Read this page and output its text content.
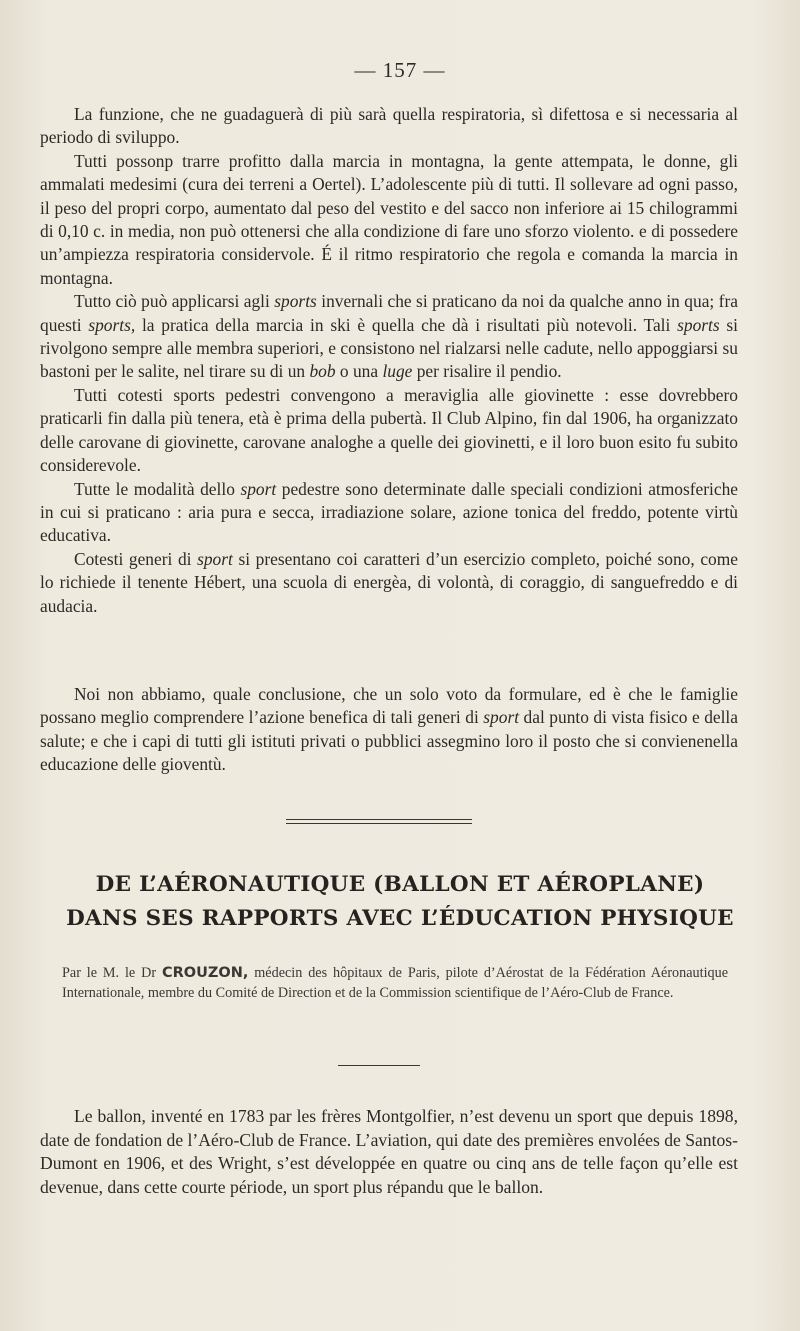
— 157 —

La funzione, che ne guadaguerà di più sarà quella respiratoria, sì difettosa e si necessaria al periodo di sviluppo.

Tutti possonp trarre profitto dalla marcia in montagna, la gente attempata, le donne, gli ammalati medesimi (cura dei terreni a Oertel). L’adolescente più di tutti. Il sollevare ad ogni passo, il peso del propri corpo, aumentato dal peso del vestito e del sacco non inferiore ai 15 chilogrammi di 0,10 c. in media, non può ottenersi che alla condizione di fare uno sforzo violento. e di possedere un’ampiezza respiratoria considervole. É il ritmo respiratorio che regola e comanda la marcia in montagna.

Tutto ciò può applicarsi agli sports invernali che si praticano da noi da qualche anno in qua; fra questi sports, la pratica della marcia in ski è quella che dà i risultati più notevoli. Tali sports si rivolgono sempre alle membra superiori, e consistono nel rialzarsi nelle cadute, nello appoggiarsi su bastoni per le salite, nel tirare su di un bob o una luge per risalire il pendio.

Tutti cotesti sports pedestri convengono a meraviglia alle giovinette : esse dovrebbero praticarli fin dalla più tenera, età è prima della pubertà. Il Club Alpino, fin dal 1906, ha organizzato delle carovane di giovinette, carovane analoghe a quelle dei giovinetti, e il loro buon esito fu subito considerevole.

Tutte le modalità dello sport pedestre sono determinate dalle speciali condizioni atmosferiche in cui si praticano : aria pura e secca, irradiazione solare, azione tonica del freddo, potente virtù educativa.

Cotesti generi di sport si presentano coi caratteri d’un esercizio completo, poiché sono, come lo richiede il tenente Hébert, una scuola di energèa, di volontà, di coraggio, di sanguefreddo e di audacia.

Noi non abbiamo, quale conclusione, che un solo voto da formulare, ed è che le famiglie possano meglio comprendere l’azione benefica di tali generi di sport dal punto di vista fisico e della salute; e che i capi di tutti gli istituti privati o pubblici assegmino loro il posto che si convienenella educazione delle gioventù.

DE L’AÉRONAUTIQUE (BALLON ET AÉROPLANE)
DANS SES RAPPORTS AVEC L’ÉDUCATION PHYSIQUE
Par le M. le Dr CROUZON, médecin des hôpitaux de Paris, pilote d’Aérostat de la Fédération Aéronautique Internationale, membre du Comité de Direction et de la Commission scientifique de l’Aéro-Club de France.

Le ballon, inventé en 1783 par les frères Montgolfier, n’est devenu un sport que depuis 1898, date de fondation de l’Aéro-Club de France. L’aviation, qui date des premières envolées de Santos-Dumont en 1906, et des Wright, s’est développée en quatre ou cinq ans de telle façon qu’elle est devenue, dans cette courte période, un sport plus répandu que le ballon.
